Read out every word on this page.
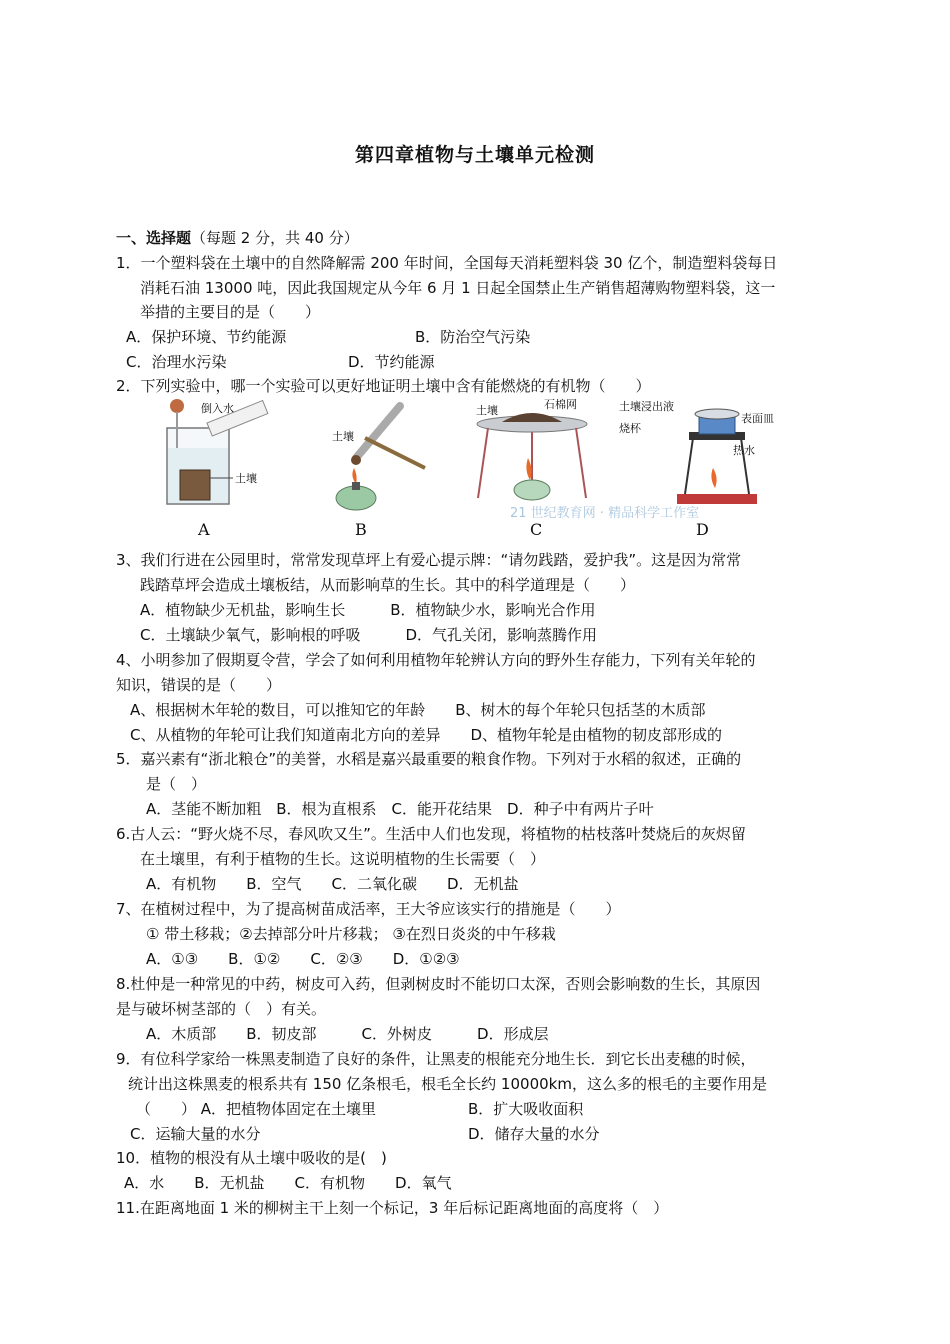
第四章植物与土壤单元检测
一、选择题（每题 2 分，共 40 分）
1．一个塑料袋在土壤中的自然降解需 200 年时间，全国每天消耗塑料袋 30 亿个，制造塑料袋每日
消耗石油 13000 吨，因此我国规定从今年 6 月 1 日起全国禁止生产销售超薄购物塑料袋，这一
举措的主要目的是（　　）
A．保护环境、节约能源	B．防治空气污染
C．治理水污染	D．节约能源
2．下列实验中，哪一个实验可以更好地证明土壤中含有能燃烧的有机物（　　）
倒入水
土壤
土壤
土壤	石棉网	土壤浸出液
表面皿
烧杯
热水
21 世纪教育网 · 精品科学工作室
A	B	C	D
3、我们行进在公园里时，常常发现草坪上有爱心提示牌：“请勿践踏，爱护我”。这是因为常常
践踏草坪会造成土壤板结，从而影响草的生长。其中的科学道理是（　　）
A．植物缺少无机盐，影响生长　　　B．植物缺少水，影响光合作用
C．土壤缺少氧气，影响根的呼吸　　　D．气孔关闭，影响蒸腾作用
4、小明参加了假期夏令营，学会了如何利用植物年轮辨认方向的野外生存能力，下列有关年轮的
知识，错误的是（　　）
A、根据树木年轮的数目，可以推知它的年龄　　B、树木的每个年轮只包括茎的木质部
C、从植物的年轮可让我们知道南北方向的差异　　D、植物年轮是由植物的韧皮部形成的
5．嘉兴素有“浙北粮仓”的美誉，水稻是嘉兴最重要的粮食作物。下列对于水稻的叙述，正确的
是（　）
A．茎能不断加粗　B．根为直根系　C．能开花结果　D．种子中有两片子叶
6.古人云：“野火烧不尽，春风吹又生”。生活中人们也发现，将植物的枯枝落叶焚烧后的灰烬留
在土壤里，有利于植物的生长。这说明植物的生长需要（　）
A．有机物　　B．空气　　C．二氧化碳　　D．无机盐
7、在植树过程中，为了提高树苗成活率，王大爷应该实行的措施是（　　）
① 带土移栽；②去掉部分叶片移栽； ③在烈日炎炎的中午移栽
A．①③　　B．①②　　C．②③　　D．①②③
8.杜仲是一种常见的中药，树皮可入药，但剥树皮时不能切口太深，否则会影响数的生长，其原因
是与破坏树茎部的（　）有关。
A．木质部　　B．韧皮部　　　C．外树皮　　　D．形成层
9．有位科学家给一株黑麦制造了良好的条件，让黑麦的根能充分地生长．到它长出麦穗的时候，
统计出这株黑麦的根系共有 150 亿条根毛，根毛全长约 10000km，这么多的根毛的主要作用是
（　　） A．把植物体固定在土壤里	B．扩大吸收面积
C．运输大量的水分	D．储存大量的水分
10．植物的根没有从土壤中吸收的是(　)
A．水　　B．无机盐　　C．有机物　　D．氧气
11.在距离地面 1 米的柳树主干上刻一个标记，3 年后标记距离地面的高度将（　）
